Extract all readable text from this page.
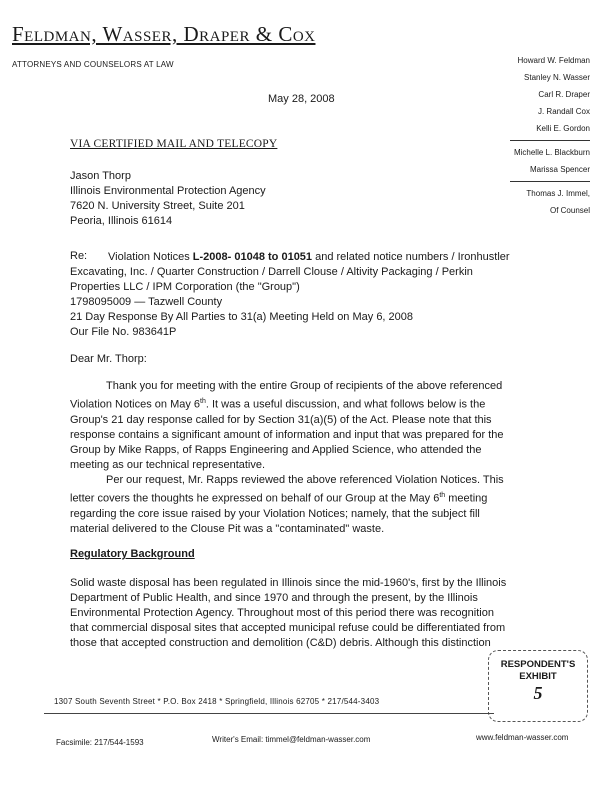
Feldman, Wasser, Draper & Cox
ATTORNEYS AND COUNSELORS AT LAW	Howard W. Feldman
Stanley N. Wasser
Carl R. Draper
J. Randall Cox
Kelli E. Gordon
Michelle L. Blackburn
Marissa Spencer
Thomas J. Immel,
Of Counsel
May 28, 2008
VIA CERTIFIED MAIL AND TELECOPY
Jason Thorp
Illinois Environmental Protection Agency
7620 N. University Street, Suite 201
Peoria, Illinois 61614
Re: Violation Notices L-2008- 01048 to 01051 and related notice numbers / Ironhustler
Excavating, Inc. / Quarter Construction / Darrell Clouse / Altivity Packaging / Perkin
Properties LLC / IPM Corporation (the "Group")
1798095009 — Tazwell County
21 Day Response By All Parties to 31(a) Meeting Held on May 6, 2008
Our File No. 983641P
Dear Mr. Thorp:
Thank you for meeting with the entire Group of recipients of the above referenced
Violation Notices on May 6th. It was a useful discussion, and what follows below is the
Group's 21 day response called for by Section 31(a)(5) of the Act. Please note that this
response contains a significant amount of information and input that was prepared for the
Group by Mike Rapps, of Rapps Engineering and Applied Science, who attended the
meeting as our technical representative.
Per our request, Mr. Rapps reviewed the above referenced Violation Notices. This
letter covers the thoughts he expressed on behalf of our Group at the May 6th meeting
regarding the core issue raised by your Violation Notices; namely, that the subject fill
material delivered to the Clouse Pit was a "contaminated" waste.
Regulatory Background
Solid waste disposal has been regulated in Illinois since the mid-1960's, first by the Illinois
Department of Public Health, and since 1970 and through the present, by the Illinois
Environmental Protection Agency. Throughout most of this period there was recognition
that commercial disposal sites that accepted municipal refuse could be differentiated from
those that accepted construction and demolition (C&D) debris. Although this distinction
RESPONDENT'S
EXHIBIT
5
1307 South Seventh Street * P.O. Box 2418 * Springfield, Illinois 62705 * 217/544-3403
Facsimile: 217/544-1593	Writer's Email: timmel@feldman-wasser.com	www.feldman-wasser.com
